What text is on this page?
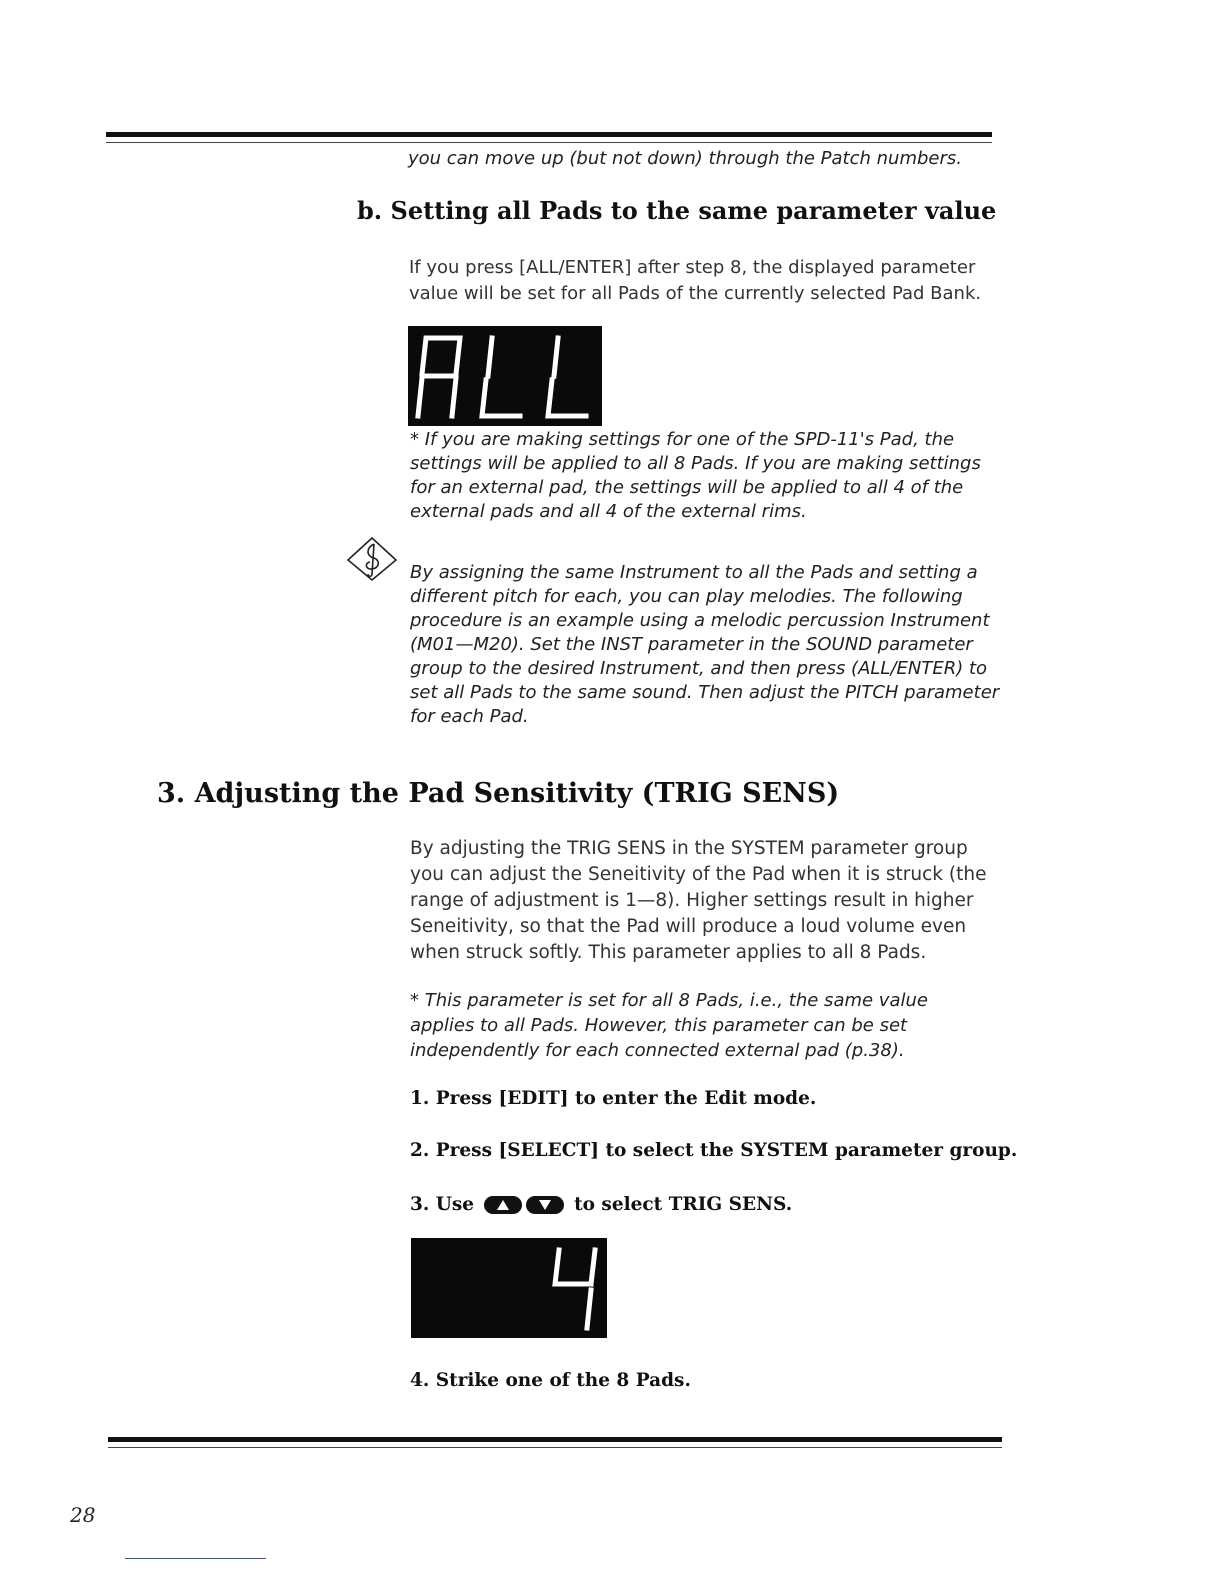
you can move up (but not down) through the Patch numbers.

b. Setting all Pads to the same parameter value

If you press [ALL/ENTER] after step 8, the displayed parameter value will be set for all Pads of the currently selected Pad Bank.

* If you are making settings for one of the SPD-11's Pad, the settings will be applied to all 8 Pads. If you are making settings for an external pad, the settings will be applied to all 4 of the external pads and all 4 of the external rims.

By assigning the same Instrument to all the Pads and setting a different pitch for each, you can play melodies. The following procedure is an example using a melodic percussion Instrument (M01—M20). Set the INST parameter in the SOUND parameter group to the desired Instrument, and then press (ALL/ENTER) to set all Pads to the same sound. Then adjust the PITCH parameter for each Pad.

3. Adjusting the Pad Sensitivity (TRIG SENS)

By adjusting the TRIG SENS in the SYSTEM parameter group you can adjust the Seneitivity of the Pad when it is struck (the range of adjustment is 1—8). Higher settings result in higher Seneitivity, so that the Pad will produce a loud volume even when struck softly. This parameter applies to all 8 Pads.

* This parameter is set for all 8 Pads, i.e., the same value applies to all Pads. However, this parameter can be set independently for each connected external pad (p.38).

1. Press [EDIT] to enter the Edit mode.

2. Press [SELECT] to select the SYSTEM parameter group.

3. Use	to select TRIG SENS.

4. Strike one of the 8 Pads.

28
